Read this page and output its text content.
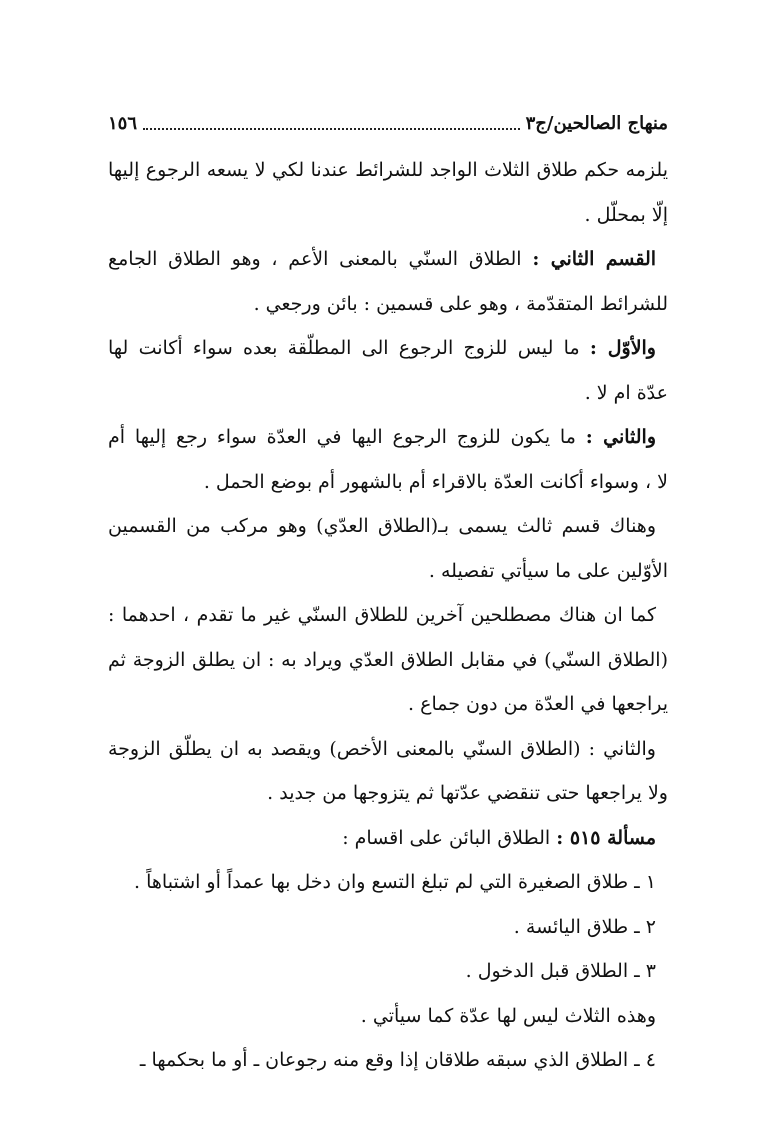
منهاج الصالحين/ج٣
١٥٦
يلزمه حكم طلاق الثلاث الواجد للشرائط عندنا لكي لا يسعه الرجوع إليها
إلّا بمحلّل .
القسم الثاني : الطلاق السنّي بالمعنى الأعم ، وهو الطلاق الجامع
للشرائط المتقدّمة ، وهو على قسمين : بائن ورجعي .
والأوّل : ما ليس للزوج الرجوع الى المطلّقة بعده سواء أكانت لها
عدّة ام لا .
والثاني : ما يكون للزوج الرجوع اليها في العدّة سواء رجع إليها أم
لا ، وسواء أكانت العدّة بالاقراء أم بالشهور أم بوضع الحمل .
وهناك قسم ثالث يسمى بـ(الطلاق العدّي) وهو مركب من القسمين
الأوّلين على ما سيأتي تفصيله .
كما ان هناك مصطلحين آخرين للطلاق السنّي غير ما تقدم ، احدهما :
(الطلاق السنّي) في مقابل الطلاق العدّي ويراد به : ان يطلق الزوجة ثم
يراجعها في العدّة من دون جماع .
والثاني : (الطلاق السنّي بالمعنى الأخص) ويقصد به ان يطلّق الزوجة
ولا يراجعها حتى تنقضي عدّتها ثم يتزوجها من جديد .
مسألة ٥١٥ : الطلاق البائن على اقسام :
١ ـ طلاق الصغيرة التي لم تبلغ التسع وان دخل بها عمداً أو اشتباهاً .
٢ ـ طلاق اليائسة .
٣ ـ الطلاق قبل الدخول .
وهذه الثلاث ليس لها عدّة كما سيأتي .
٤ ـ الطلاق الذي سبقه طلاقان إذا وقع منه رجوعان ـ أو ما بحكمها ـ
